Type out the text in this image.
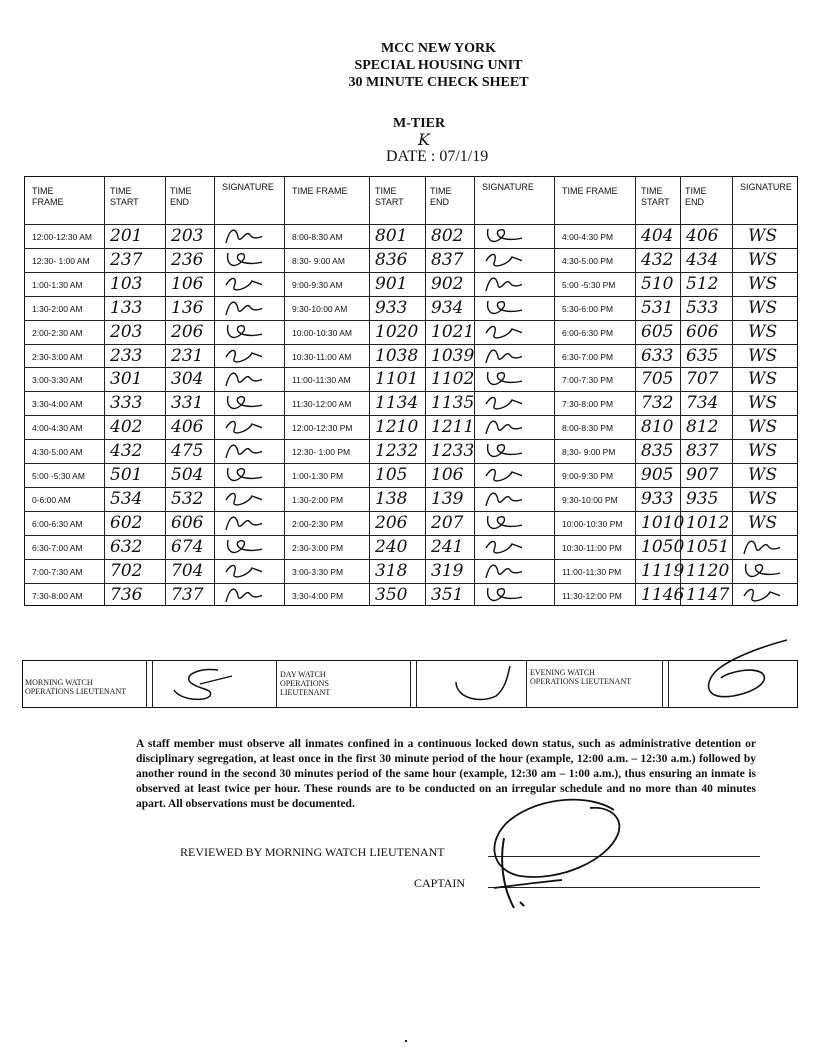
MCC NEW YORK
SPECIAL HOUSING UNIT
30 MINUTE CHECK SHEET
M-TIER
K
DATE : 07/1/19
TIME FRAME
TIME START
TIME END
SIGNATURE
12:00-12:30 AM 201 203
12:30- 1:00 AM 237 236
1:00-1:30 AM 103 106
1:30-2:00 AM 133 136
2:00-2:30 AM 203 206
2:30-3:00 AM 233 231
3:00-3:30 AM 301 304
3:30-4:00 AM 333 331
4:00-4:30 AM 402 406
4:30-5:00 AM 432 475
5:00 -5:30 AM 501 504
0-6:00 AM 534 532
6:00-6:30 AM 602 606
6:30-7:00 AM 632 674
7:00-7:30 AM 702 704
7:30-8:00 AM 736 737
TIME FRAME	TIME START
TIME END
SIGNATURE
8:00-8:30 AM 801 802
8:30- 9:00 AM 836 837
9:00-9:30 AM 901 902
9:30-10:00 AM 933 934
10:00-10:30 AM 1020 1021
10:30-11:00 AM 1038 1039
11:00-11:30 AM 1101 1102
11:30-12:00 AM 1134 1135
12:00-12:30 PM 1210 1211
12:30- 1:00 PM 1232 1233
1:00-1:30 PM 105 106
1:30-2:00 PM 138 139
2:00-2:30 PM 206 207
2:30-3:00 PM 240 241
3:00-3:30 PM 318 319
3:30-4:00 PM 350 351
TIME FRAME	TIME START
TIME END
SIGNATURE
4:00-4:30 PM 404 406 WS
4:30-5:00 PM 432 434 WS
5:00 -5:30 PM 510 512 WS
5:30-6:00 PM 531 533 WS
6:00-6:30 PM 605 606 WS
6:30-7:00 PM 633 635 WS
7:00-7:30 PM 705 707 WS
7:30-8:00 PM 732 734 WS
8:00-8:30 PM 810 812 WS
8;30- 9:00 PM 835 837 WS
9:00-9:30 PM 905 907 WS
9:30-10:00 PM 933 935 WS
10:00-10:30 PM 1010 1012 WS
10:30-11:00 PM 1050 1051
11:00-11:30 PM 1119 1120
11:30-12:00 PM 1146 1147
MORNING WATCH OPERATIONS LIEUTENANT
DAY WATCH OPERATIONS LIEUTENANT
EVENING WATCH OPERATIONS LIEUTENANT
A staff member must observe all inmates confined in a continuous locked down status, such as administrative detention or disciplinary segregation, at least once in the first 30 minute period of the hour (example, 12:00 a.m. – 12:30 a.m.) followed by another round in the second 30 minutes period of the same hour (example, 12:30 am – 1:00 a.m.), thus ensuring an inmate is observed at least twice per hour. These rounds are to be conducted on an irregular schedule and no more than 40 minutes apart. All observations must be documented.
REVIEWED BY MORNING WATCH LIEUTENANT
CAPTAIN
